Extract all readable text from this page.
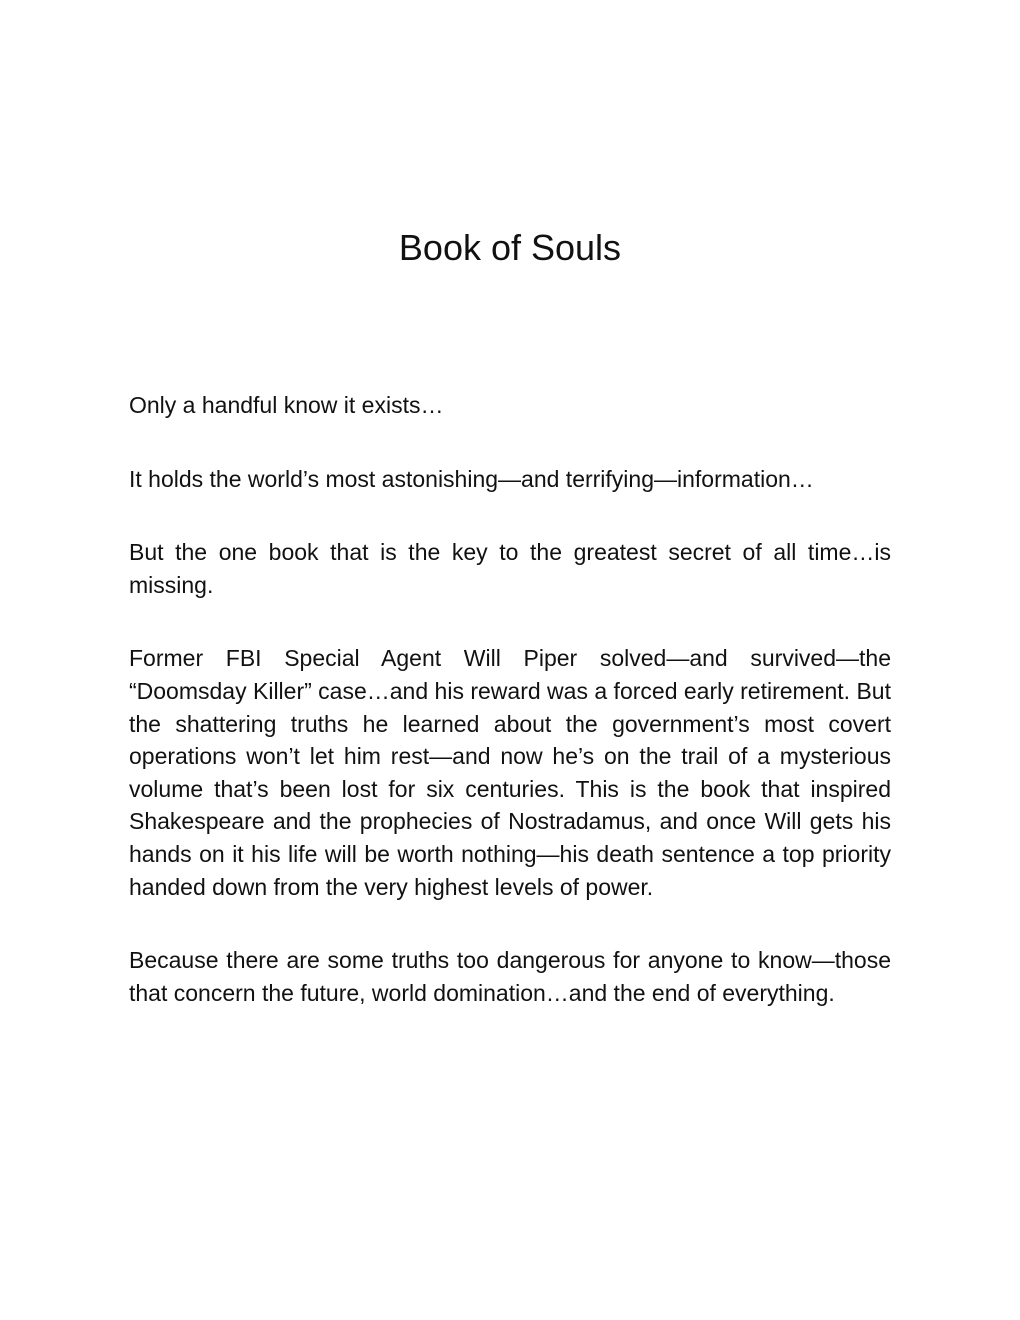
Book of Souls

Only a handful know it exists…

It holds the world’s most astonishing—and terrifying—information…

But the one book that is the key to the greatest secret of all time…is missing.

Former FBI Special Agent Will Piper solved—and survived—the “Doomsday Killer” case…and his reward was a forced early retirement. But the shattering truths he learned about the government’s most covert operations won’t let him rest—and now he’s on the trail of a mysterious volume that’s been lost for six centuries. This is the book that inspired Shakespeare and the prophecies of Nostradamus, and once Will gets his hands on it his life will be worth nothing—his death sentence a top priority handed down from the very highest levels of power.

Because there are some truths too dangerous for anyone to know—those that concern the future, world domination…and the end of everything.
